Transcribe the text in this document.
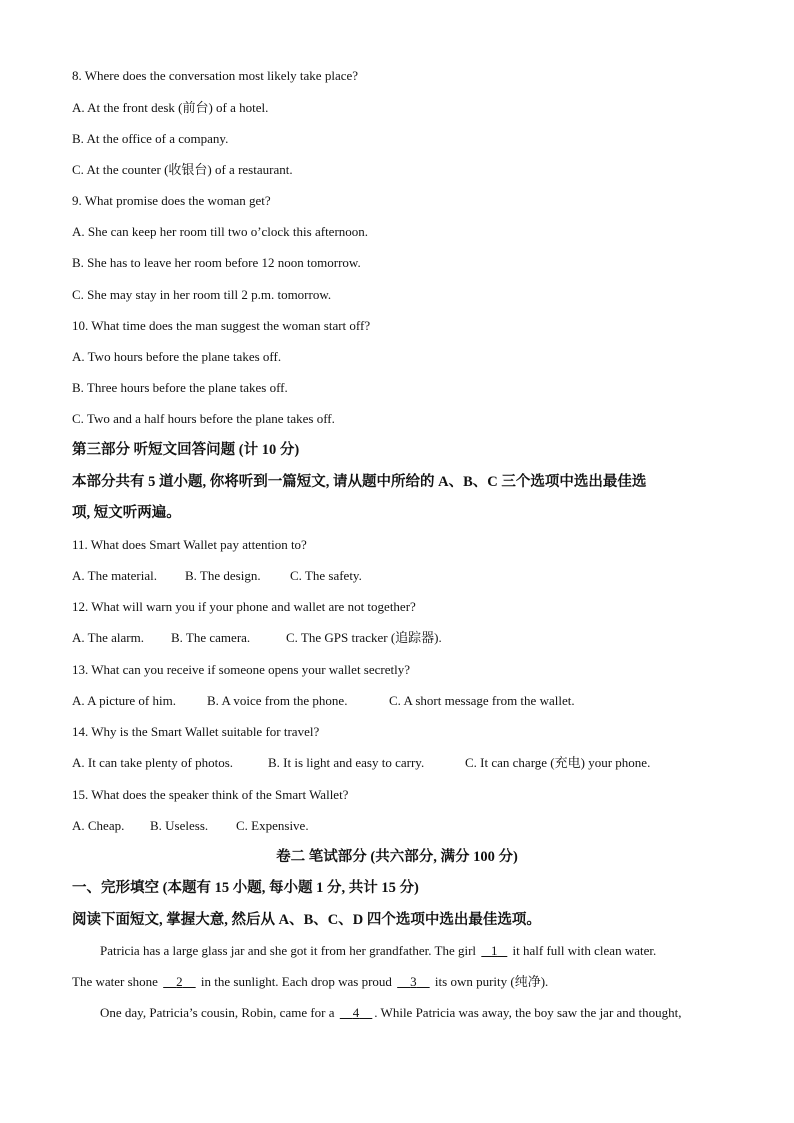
8. Where does the conversation most likely take place?
A. At the front desk (前台) of a hotel.
B. At the office of a company.
C. At the counter (收银台) of a restaurant.
9. What promise does the woman get?
A. She can keep her room till two o’clock this afternoon.
B. She has to leave her room before 12 noon tomorrow.
C. She may stay in her room till 2 p.m. tomorrow.
10. What time does the man suggest the woman start off?
A. Two hours before the plane takes off.
B. Three hours before the plane takes off.
C. Two and a half hours before the plane takes off.
第三部分 听短文回答问题 (计 10 分)
本部分共有 5 道小题, 你将听到一篇短文, 请从题中所给的 A、B、C 三个选项中选出最佳选
项, 短文听两遍。
11. What does Smart Wallet pay attention to?
A. The material. B. The design. C. The safety.
12. What will warn you if your phone and wallet are not together?
A. The alarm. B. The camera.	C. The GPS tracker (追踪器).
13. What can you receive if someone opens your wallet secretly?
A. A picture of him. B. A voice from the phone.	C. A short message from the wallet.
14. Why is the Smart Wallet suitable for travel?
A. It can take plenty of photos.	B. It is light and easy to carry.	C. It can charge (充电) your phone.
15. What does the speaker think of the Smart Wallet?
A. Cheap. B. Useless. C. Expensive.
卷二 笔试部分 (共六部分, 满分 100 分)
一、完形填空 (本题有 15 小题, 每小题 1 分, 共计 15 分)
阅读下面短文, 掌握大意, 然后从 A、B、C、D 四个选项中选出最佳选项。
Patricia has a large glass jar and she got it from her grandfather. The girl    1    it half full with clean water.
The water shone     2     in the sunlight. Each drop was proud     3     its own purity (纯净).
One day, Patricia’s cousin, Robin, came for a     4 . While Patricia was away, the boy saw the jar and thought,
